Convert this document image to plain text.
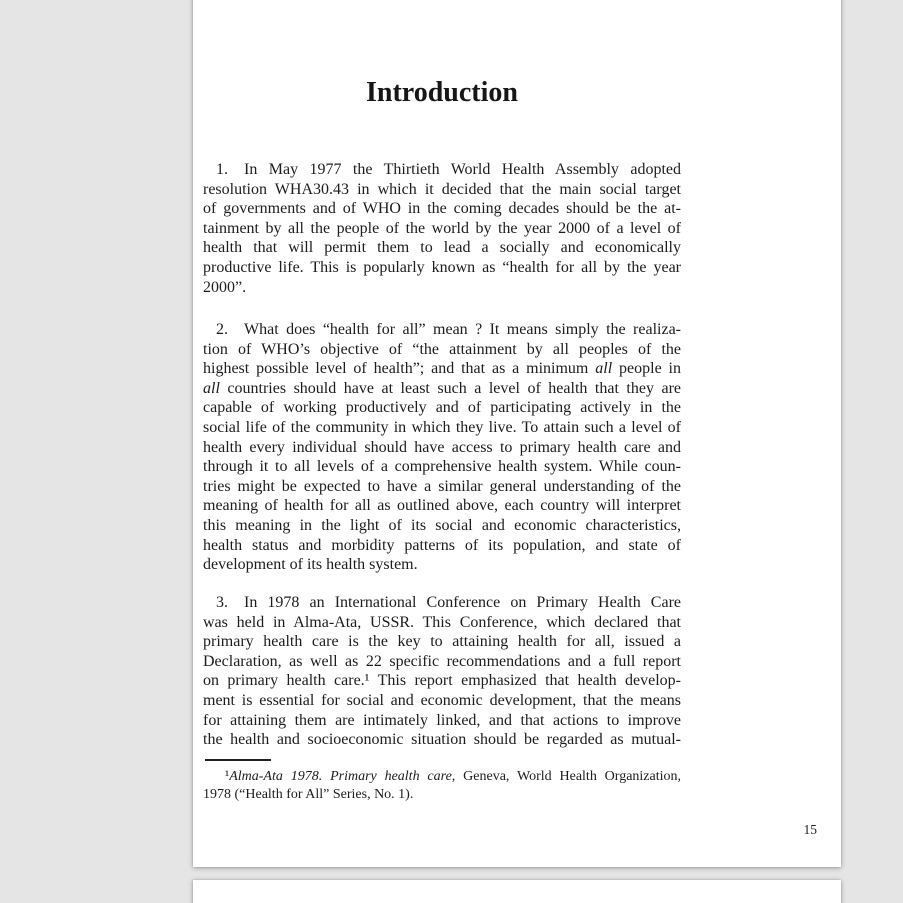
Introduction
1. In May 1977 the Thirtieth World Health Assembly adopted
resolution WHA30.43 in which it decided that the main social target
of governments and of WHO in the coming decades should be the at-
tainment by all the people of the world by the year 2000 of a level of
health that will permit them to lead a socially and economically
productive life. This is popularly known as “health for all by the year
2000”.
2. What does “health for all” mean ? It means simply the realiza-
tion of WHO’s objective of “the attainment by all peoples of the
highest possible level of health”; and that as a minimum all people in
all countries should have at least such a level of health that they are
capable of working productively and of participating actively in the
social life of the community in which they live. To attain such a level of
health every individual should have access to primary health care and
through it to all levels of a comprehensive health system. While coun-
tries might be expected to have a similar general understanding of the
meaning of health for all as outlined above, each country will interpret
this meaning in the light of its social and economic characteristics,
health status and morbidity patterns of its population, and state of
development of its health system.
3. In 1978 an International Conference on Primary Health Care
was held in Alma-Ata, USSR. This Conference, which declared that
primary health care is the key to attaining health for all, issued a
Declaration, as well as 22 specific recommendations and a full report
on primary health care.¹ This report emphasized that health develop-
ment is essential for social and economic development, that the means
for attaining them are intimately linked, and that actions to improve
the health and socioeconomic situation should be regarded as mutual-
¹Alma-Ata 1978. Primary health care, Geneva, World Health Organization,
1978 (“Health for All” Series, No. 1).
15
